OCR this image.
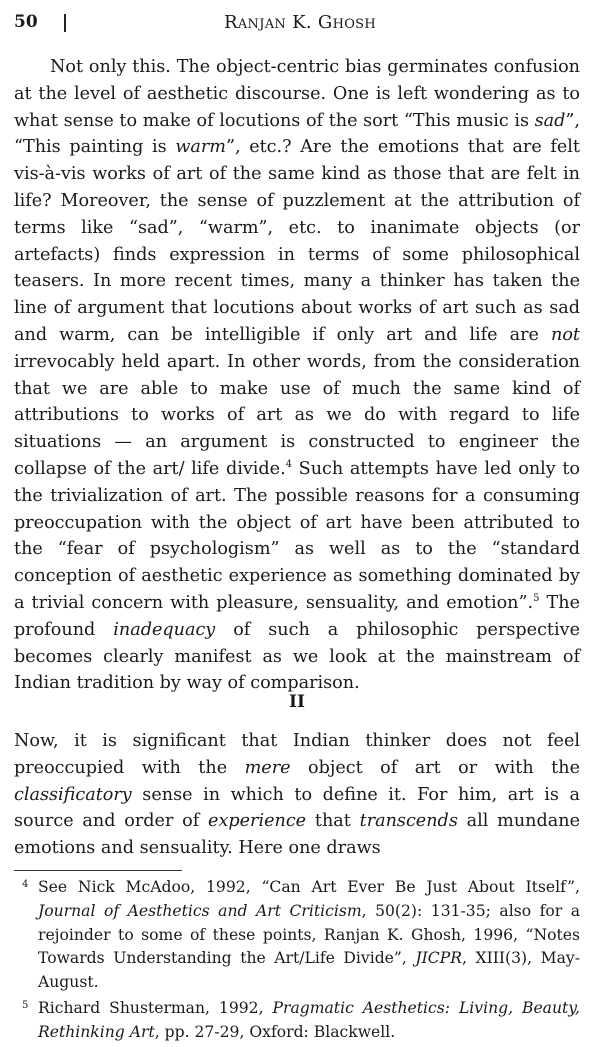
50	Ranjan K. Ghosh

Not only this. The object-centric bias germinates confusion at the level of aesthetic discourse. One is left wondering as to what sense to make of locutions of the sort “This music is sad”, “This painting is warm”, etc.? Are the emotions that are felt vis-à-vis works of art of the same kind as those that are felt in life? Moreover, the sense of puzzlement at the attribution of terms like “sad”, “warm”, etc. to inanimate objects (or artefacts) finds expression in terms of some philosophical teasers. In more recent times, many a thinker has taken the line of argument that locutions about works of art such as sad and warm, can be intelligible if only art and life are not irrevocably held apart. In other words, from the consideration that we are able to make use of much the same kind of attributions to works of art as we do with regard to life situations — an argument is constructed to engineer the collapse of the art/ life divide.$^4$ Such attempts have led only to the trivialization of art. The possible reasons for a consuming preoccupation with the object of art have been attributed to the “fear of psychologism” as well as to the “standard conception of aesthetic experience as something dominated by a trivial concern with pleasure, sensuality, and emotion”.$^5$ The profound inadequacy of such a philosophic perspective becomes clearly manifest as we look at the mainstream of Indian tradition by way of comparison.

II

Now, it is significant that Indian thinker does not feel preoccupied with the mere object of art or with the classificatory sense in which to define it. For him, art is a source and order of experience that transcends all mundane emotions and sensuality. Here one draws

4 See Nick McAdoo, 1992, “Can Art Ever Be Just About Itself”, Journal of Aesthetics and Art Criticism, 50(2): 131-35; also for a rejoinder to some of these points, Ranjan K. Ghosh, 1996, “Notes Towards Understanding the Art/Life Divide”, JICPR, XIII(3), May-August.

5 Richard Shusterman, 1992, Pragmatic Aesthetics: Living, Beauty, Rethinking Art, pp. 27-29, Oxford: Blackwell.
